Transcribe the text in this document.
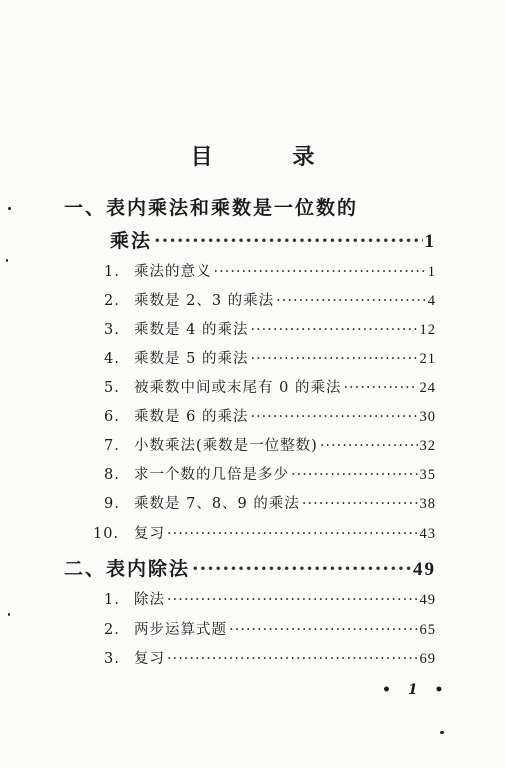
目 录
一、表内乘法和乘数是一位数的
乘法 ·····	1
1. 乘法的意义 ·····	1
2. 乘数是 2、3 的乘法 ·····	4
3. 乘数是 4 的乘法 ·····	12
4. 乘数是 5 的乘法 ·····	21
5. 被乘数中间或末尾有 0 的乘法 ·····	24
6. 乘数是 6 的乘法 ·····	30
7. 小数乘法(乘数是一位整数) ·····	32
8. 求一个数的几倍是多少 ·····	35
9. 乘数是 7、8、9 的乘法 ·····	38
10.	复习 ·····	43
二、表内除法 ·····	49
1. 除法 ·····	49
2. 两步运算式题 ·····	65
3. 复习 ·····	69
• 1 •
